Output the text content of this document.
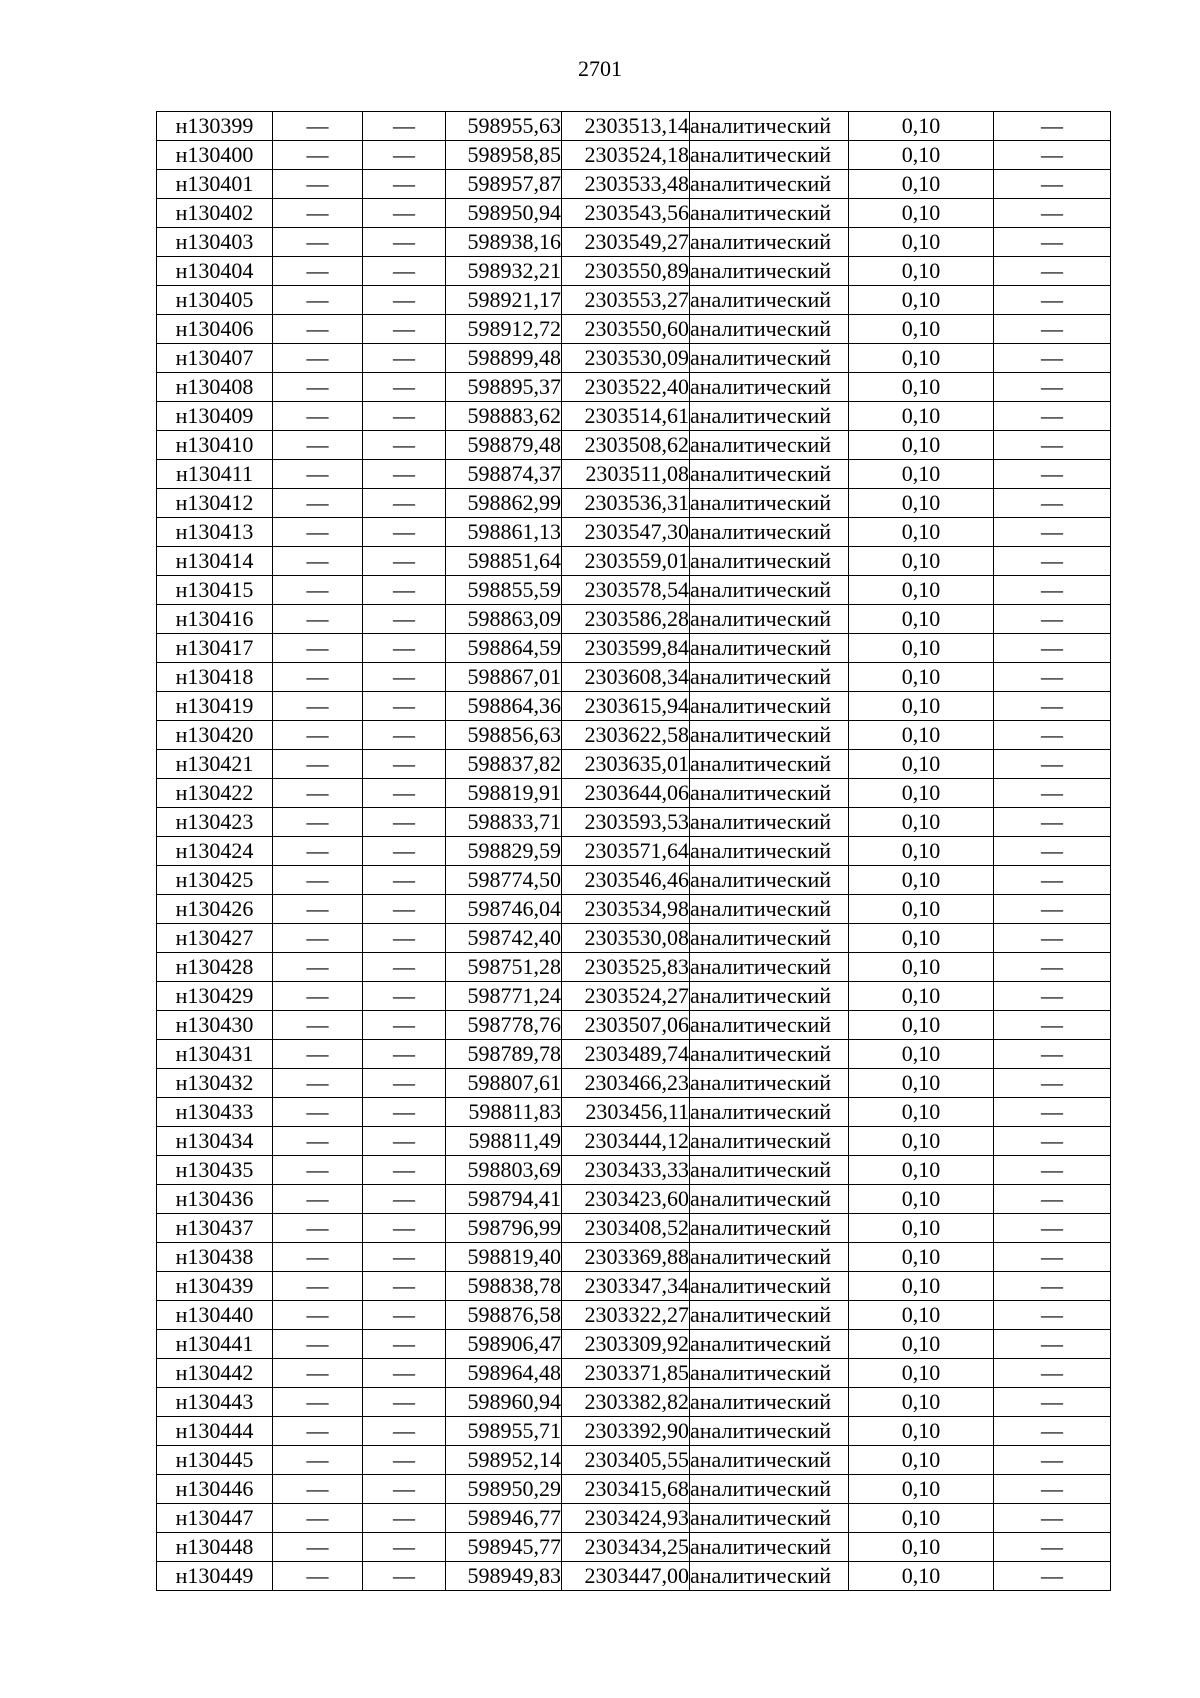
2701
н130399	—	—	598955,63	2303513,14	аналитический	0,10	—
н130400	—	—	598958,85	2303524,18	аналитический	0,10	—
н130401	—	—	598957,87	2303533,48	аналитический	0,10	—
н130402	—	—	598950,94	2303543,56	аналитический	0,10	—
н130403	—	—	598938,16	2303549,27	аналитический	0,10	—
н130404	—	—	598932,21	2303550,89	аналитический	0,10	—
н130405	—	—	598921,17	2303553,27	аналитический	0,10	—
н130406	—	—	598912,72	2303550,60	аналитический	0,10	—
н130407	—	—	598899,48	2303530,09	аналитический	0,10	—
н130408	—	—	598895,37	2303522,40	аналитический	0,10	—
н130409	—	—	598883,62	2303514,61	аналитический	0,10	—
н130410	—	—	598879,48	2303508,62	аналитический	0,10	—
н130411	—	—	598874,37	2303511,08	аналитический	0,10	—
н130412	—	—	598862,99	2303536,31	аналитический	0,10	—
н130413	—	—	598861,13	2303547,30	аналитический	0,10	—
н130414	—	—	598851,64	2303559,01	аналитический	0,10	—
н130415	—	—	598855,59	2303578,54	аналитический	0,10	—
н130416	—	—	598863,09	2303586,28	аналитический	0,10	—
н130417	—	—	598864,59	2303599,84	аналитический	0,10	—
н130418	—	—	598867,01	2303608,34	аналитический	0,10	—
н130419	—	—	598864,36	2303615,94	аналитический	0,10	—
н130420	—	—	598856,63	2303622,58	аналитический	0,10	—
н130421	—	—	598837,82	2303635,01	аналитический	0,10	—
н130422	—	—	598819,91	2303644,06	аналитический	0,10	—
н130423	—	—	598833,71	2303593,53	аналитический	0,10	—
н130424	—	—	598829,59	2303571,64	аналитический	0,10	—
н130425	—	—	598774,50	2303546,46	аналитический	0,10	—
н130426	—	—	598746,04	2303534,98	аналитический	0,10	—
н130427	—	—	598742,40	2303530,08	аналитический	0,10	—
н130428	—	—	598751,28	2303525,83	аналитический	0,10	—
н130429	—	—	598771,24	2303524,27	аналитический	0,10	—
н130430	—	—	598778,76	2303507,06	аналитический	0,10	—
н130431	—	—	598789,78	2303489,74	аналитический	0,10	—
н130432	—	—	598807,61	2303466,23	аналитический	0,10	—
н130433	—	—	598811,83	2303456,11	аналитический	0,10	—
н130434	—	—	598811,49	2303444,12	аналитический	0,10	—
н130435	—	—	598803,69	2303433,33	аналитический	0,10	—
н130436	—	—	598794,41	2303423,60	аналитический	0,10	—
н130437	—	—	598796,99	2303408,52	аналитический	0,10	—
н130438	—	—	598819,40	2303369,88	аналитический	0,10	—
н130439	—	—	598838,78	2303347,34	аналитический	0,10	—
н130440	—	—	598876,58	2303322,27	аналитический	0,10	—
н130441	—	—	598906,47	2303309,92	аналитический	0,10	—
н130442	—	—	598964,48	2303371,85	аналитический	0,10	—
н130443	—	—	598960,94	2303382,82	аналитический	0,10	—
н130444	—	—	598955,71	2303392,90	аналитический	0,10	—
н130445	—	—	598952,14	2303405,55	аналитический	0,10	—
н130446	—	—	598950,29	2303415,68	аналитический	0,10	—
н130447	—	—	598946,77	2303424,93	аналитический	0,10	—
н130448	—	—	598945,77	2303434,25	аналитический	0,10	—
н130449	—	—	598949,83	2303447,00	аналитический	0,10	—
